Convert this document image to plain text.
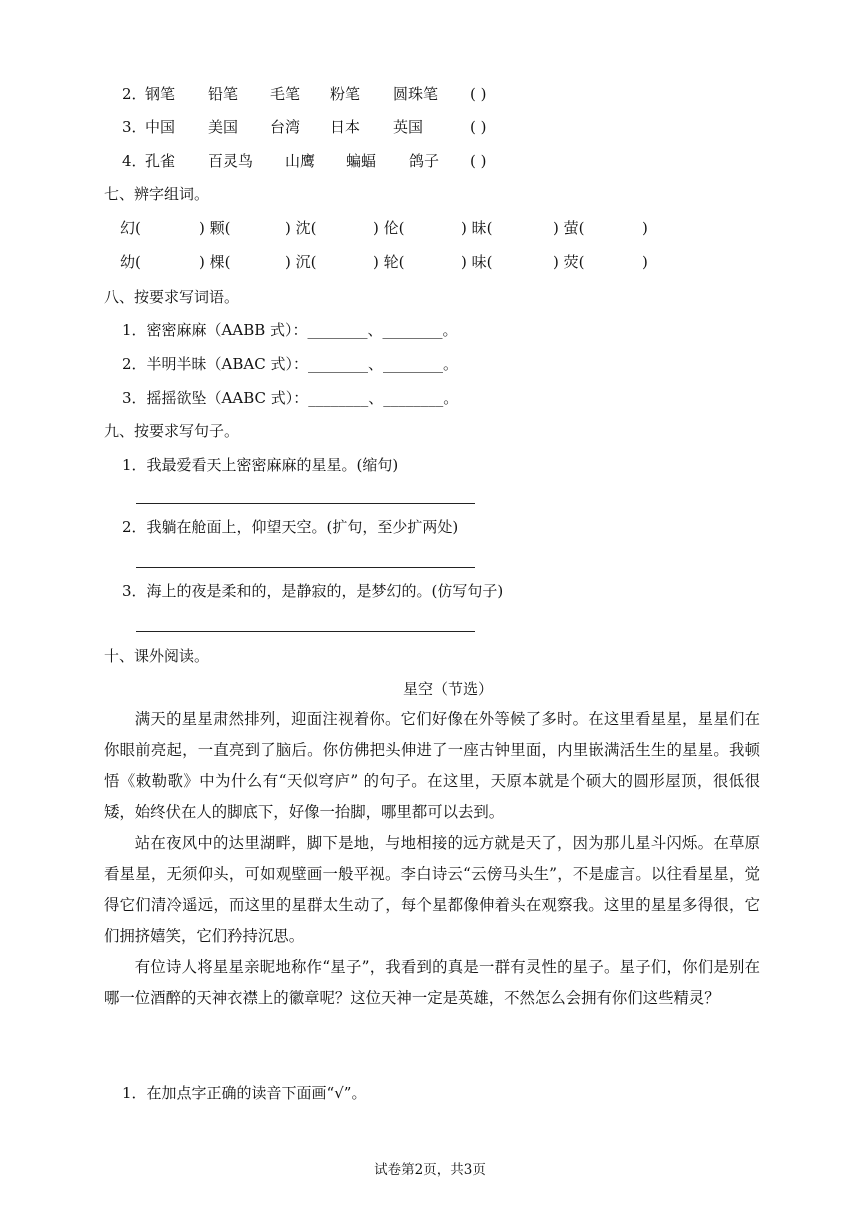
2．
钢笔 铅笔 毛笔 粉笔 圆珠笔 ( )
3．
中国 美国 台湾 日本 英国	( )
4．
孔雀 百灵鸟 山鹰 蝙蝠 鸽子 ( )
七、辨字组词。
幻(	) 颗(	) 沈(	) 伦(	) 昧(	) 萤(	)
幼(	) 棵(	) 沉(	) 轮(	) 味(	) 荧(	)
八、按要求写词语。
1．密密麻麻（AABB 式）：________、________。
2．半明半昧（ABAC 式）：________、________。
3．摇摇欲坠（AABC 式）：________、________。
九、按要求写句子。
1．我最爱看天上密密麻麻的星星。(缩句)
2．我躺在舱面上，仰望天空。(扩句，至少扩两处)
3．海上的夜是柔和的，是静寂的，是梦幻的。(仿写句子)
十、课外阅读。
星空（节选）

满天的星星肃然排列，迎面注视着你。它们好像在外等候了多时。在这里看星星，星星们在你眼前亮起，一直亮到了脑后。你仿佛把头伸进了一座古钟里面，内里嵌满活生生的星星。我顿悟《敕勒歌》中为什么有“天似穹庐” 的句子。在这里，天原本就是个硕大的圆形屋顶，很低很矮，始终伏在人的脚底下，好像一抬脚，哪里都可以去到。

站在夜风中的达里湖畔，脚下是地，与地相接的远方就是天了，因为那儿星斗闪烁。在草原看星星，无须仰头，可如观壁画一般平视。李白诗云“云傍马头生”，不是虚言。以往看星星，觉得它们清冷遥远，而这里的星群太生动了，每个星都像伸着头在观察我。这里的星星多得很，它们拥挤嬉笑，它们矜持沉思。

有位诗人将星星亲昵地称作“星子”，我看到的真是一群有灵性的星子。星子们，你们是别在哪一位酒醉的天神衣襟上的徽章呢？这位天神一定是英雄，不然怎么会拥有你们这些精灵？

1．在加点字正确的读音下面画“√”。
试卷第2页，共3页
